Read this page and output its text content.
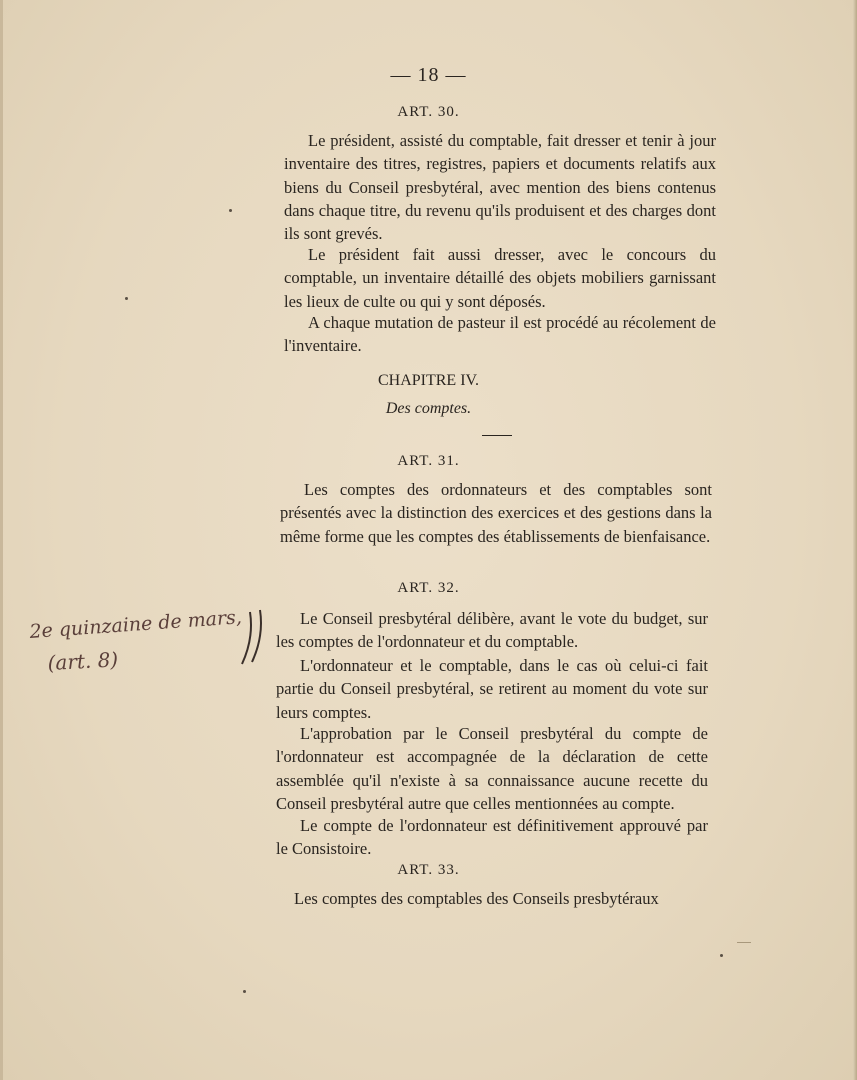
— 18 —
ART. 30.

Le président, assisté du comptable, fait dresser et tenir à jour inventaire des titres, registres, papiers et documents relatifs aux biens du Conseil presbytéral, avec mention des biens contenus dans chaque titre, du revenu qu'ils produisent et des charges dont ils sont grevés.

Le président fait aussi dresser, avec le concours du comptable, un inventaire détaillé des objets mobiliers garnissant les lieux de culte ou qui y sont déposés.

A chaque mutation de pasteur il est procédé au récolement de l'inventaire.

CHAPITRE IV.
Des comptes.
ART. 31.

Les comptes des ordonnateurs et des comptables sont présentés avec la distinction des exercices et des gestions dans la même forme que les comptes des établissements de bienfaisance.

ART. 32.

Le Conseil presbytéral délibère, avant le vote du budget, sur les comptes de l'ordonnateur et du comptable.

L'ordonnateur et le comptable, dans le cas où celui-ci fait partie du Conseil presbytéral, se retirent au moment du vote sur leurs comptes.

L'approbation par le Conseil presbytéral du compte de l'ordonnateur est accompagnée de la déclaration de cette assemblée qu'il n'existe à sa connaissance aucune recette du Conseil presbytéral autre que celles mentionnées au compte.

Le compte de l'ordonnateur est définitivement approuvé par le Consistoire.

ART. 33.

Les comptes des comptables des Conseils presbytéraux

2e quinzaine de mars,
(art. 8)
